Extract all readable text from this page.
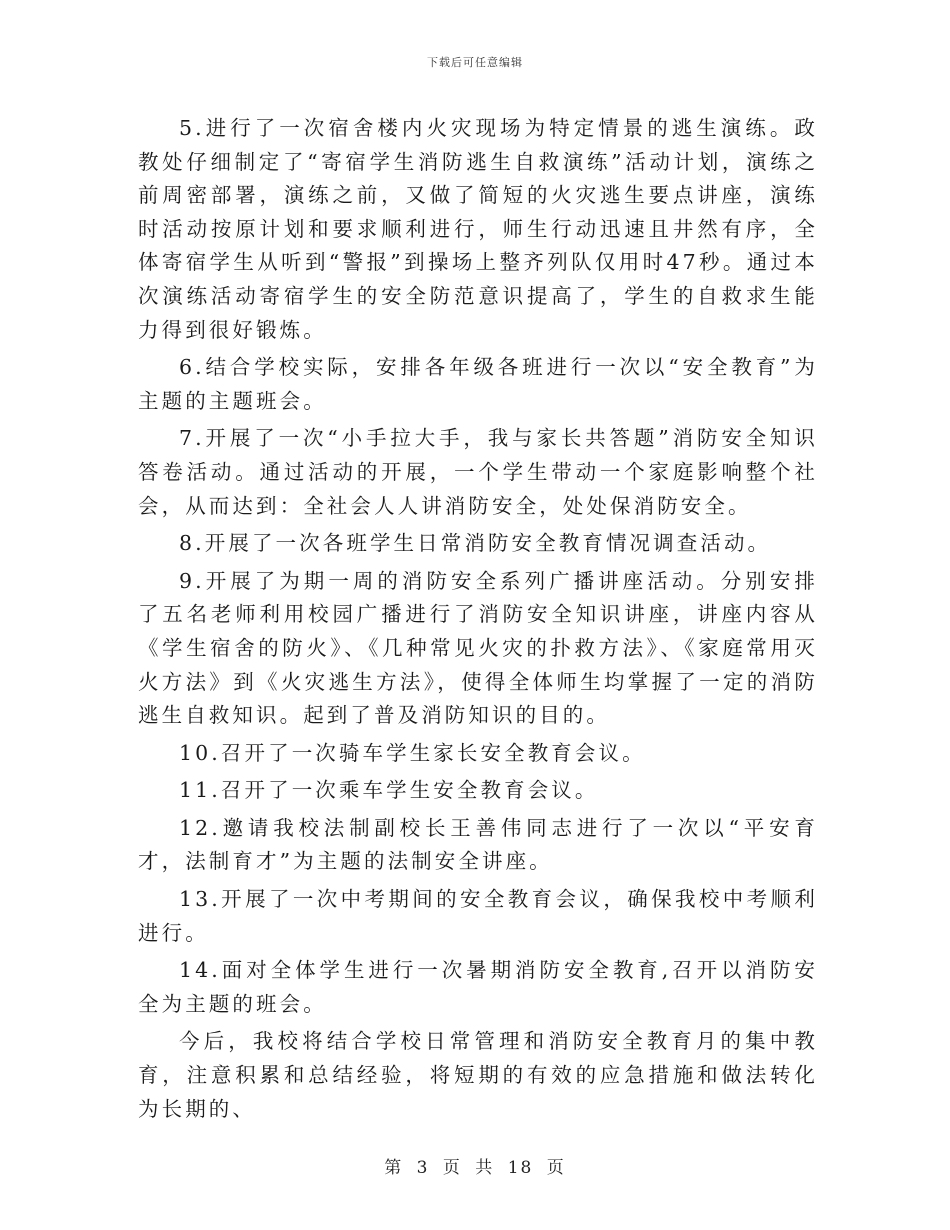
下载后可任意编辑

5.进行了一次宿舍楼内火灾现场为特定情景的逃生演练。政教处仔细制定了“寄宿学生消防逃生自救演练”活动计划，演练之前周密部署，演练之前，又做了简短的火灾逃生要点讲座，演练时活动按原计划和要求顺利进行，师生行动迅速且井然有序，全体寄宿学生从听到“警报”到操场上整齐列队仅用时47秒。通过本次演练活动寄宿学生的安全防范意识提高了，学生的自救求生能力得到很好锻炼。

6.结合学校实际，安排各年级各班进行一次以“安全教育”为主题的主题班会。

7.开展了一次“小手拉大手，我与家长共答题”消防安全知识答卷活动。通过活动的开展，一个学生带动一个家庭影响整个社会，从而达到：全社会人人讲消防安全，处处保消防安全。

8.开展了一次各班学生日常消防安全教育情况调查活动。

9.开展了为期一周的消防安全系列广播讲座活动。分别安排了五名老师利用校园广播进行了消防安全知识讲座，讲座内容从《学生宿舍的防火》、《几种常见火灾的扑救方法》、《家庭常用灭火方法》到《火灾逃生方法》，使得全体师生均掌握了一定的消防逃生自救知识。起到了普及消防知识的目的。

10.召开了一次骑车学生家长安全教育会议。

11.召开了一次乘车学生安全教育会议。

12.邀请我校法制副校长王善伟同志进行了一次以“平安育才，法制育才”为主题的法制安全讲座。

13.开展了一次中考期间的安全教育会议，确保我校中考顺利进行。

14.面对全体学生进行一次暑期消防安全教育,召开以消防安全为主题的班会。

今后，我校将结合学校日常管理和消防安全教育月的集中教育，注意积累和总结经验，将短期的有效的应急措施和做法转化为长期的、

第 3 页 共 18 页
